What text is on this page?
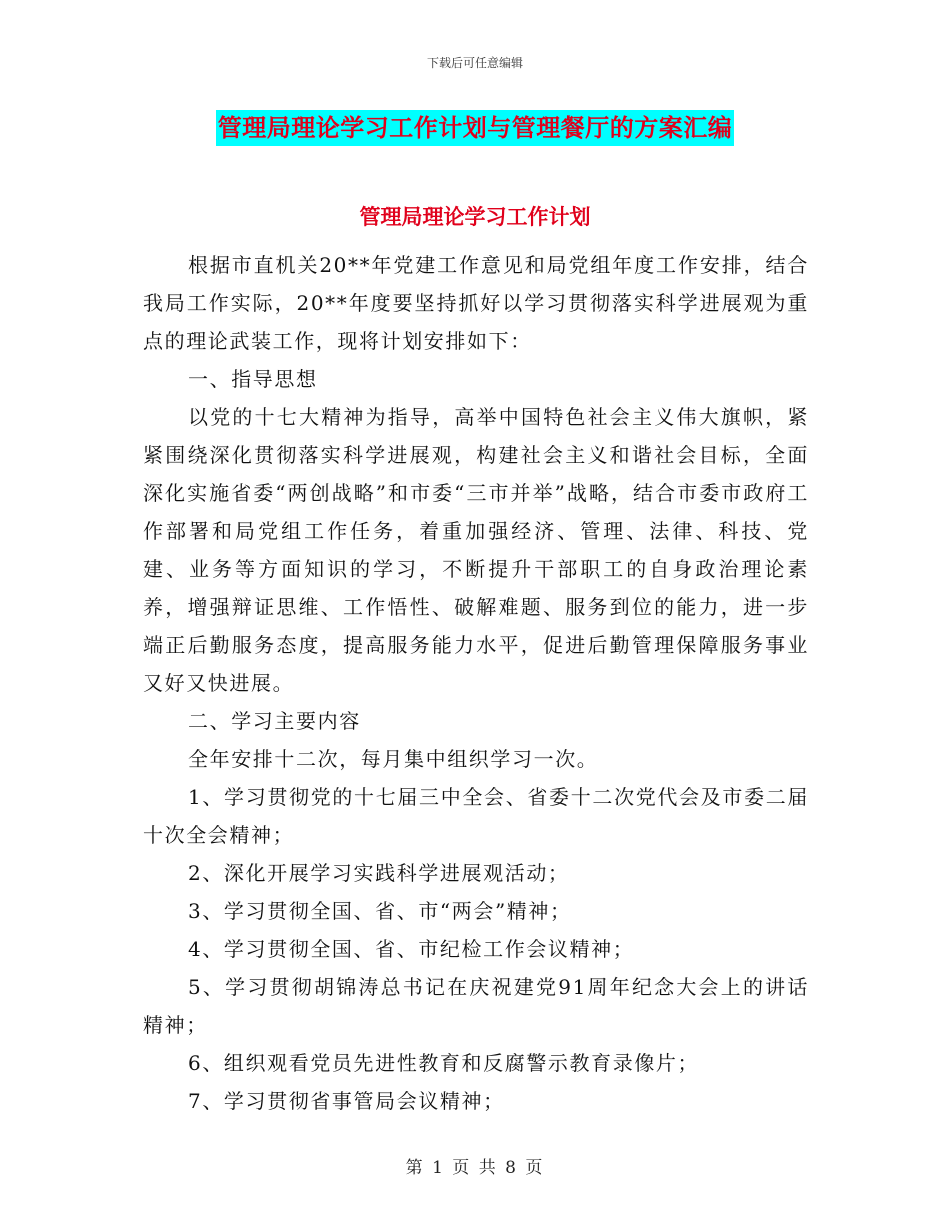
下载后可任意编辑
管理局理论学习工作计划与管理餐厅的方案汇编
管理局理论学习工作计划

根据市直机关20**年党建工作意见和局党组年度工作安排，结合我局工作实际，20**年度要坚持抓好以学习贯彻落实科学进展观为重点的理论武装工作，现将计划安排如下：

一、指导思想

以党的十七大精神为指导，高举中国特色社会主义伟大旗帜，紧紧围绕深化贯彻落实科学进展观，构建社会主义和谐社会目标，全面深化实施省委“两创战略”和市委“三市并举”战略，结合市委市政府工作部署和局党组工作任务，着重加强经济、管理、法律、科技、党建、业务等方面知识的学习，不断提升干部职工的自身政治理论素养，增强辩证思维、工作悟性、破解难题、服务到位的能力，进一步端正后勤服务态度，提高服务能力水平，促进后勤管理保障服务事业又好又快进展。

二、学习主要内容

全年安排十二次，每月集中组织学习一次。

1、学习贯彻党的十七届三中全会、省委十二次党代会及市委二届十次全会精神；

2、深化开展学习实践科学进展观活动；

3、学习贯彻全国、省、市“两会”精神；

4、学习贯彻全国、省、市纪检工作会议精神；

5、学习贯彻胡锦涛总书记在庆祝建党91周年纪念大会上的讲话精神；

6、组织观看党员先进性教育和反腐警示教育录像片；

7、学习贯彻省事管局会议精神；

第 1 页 共 8 页
